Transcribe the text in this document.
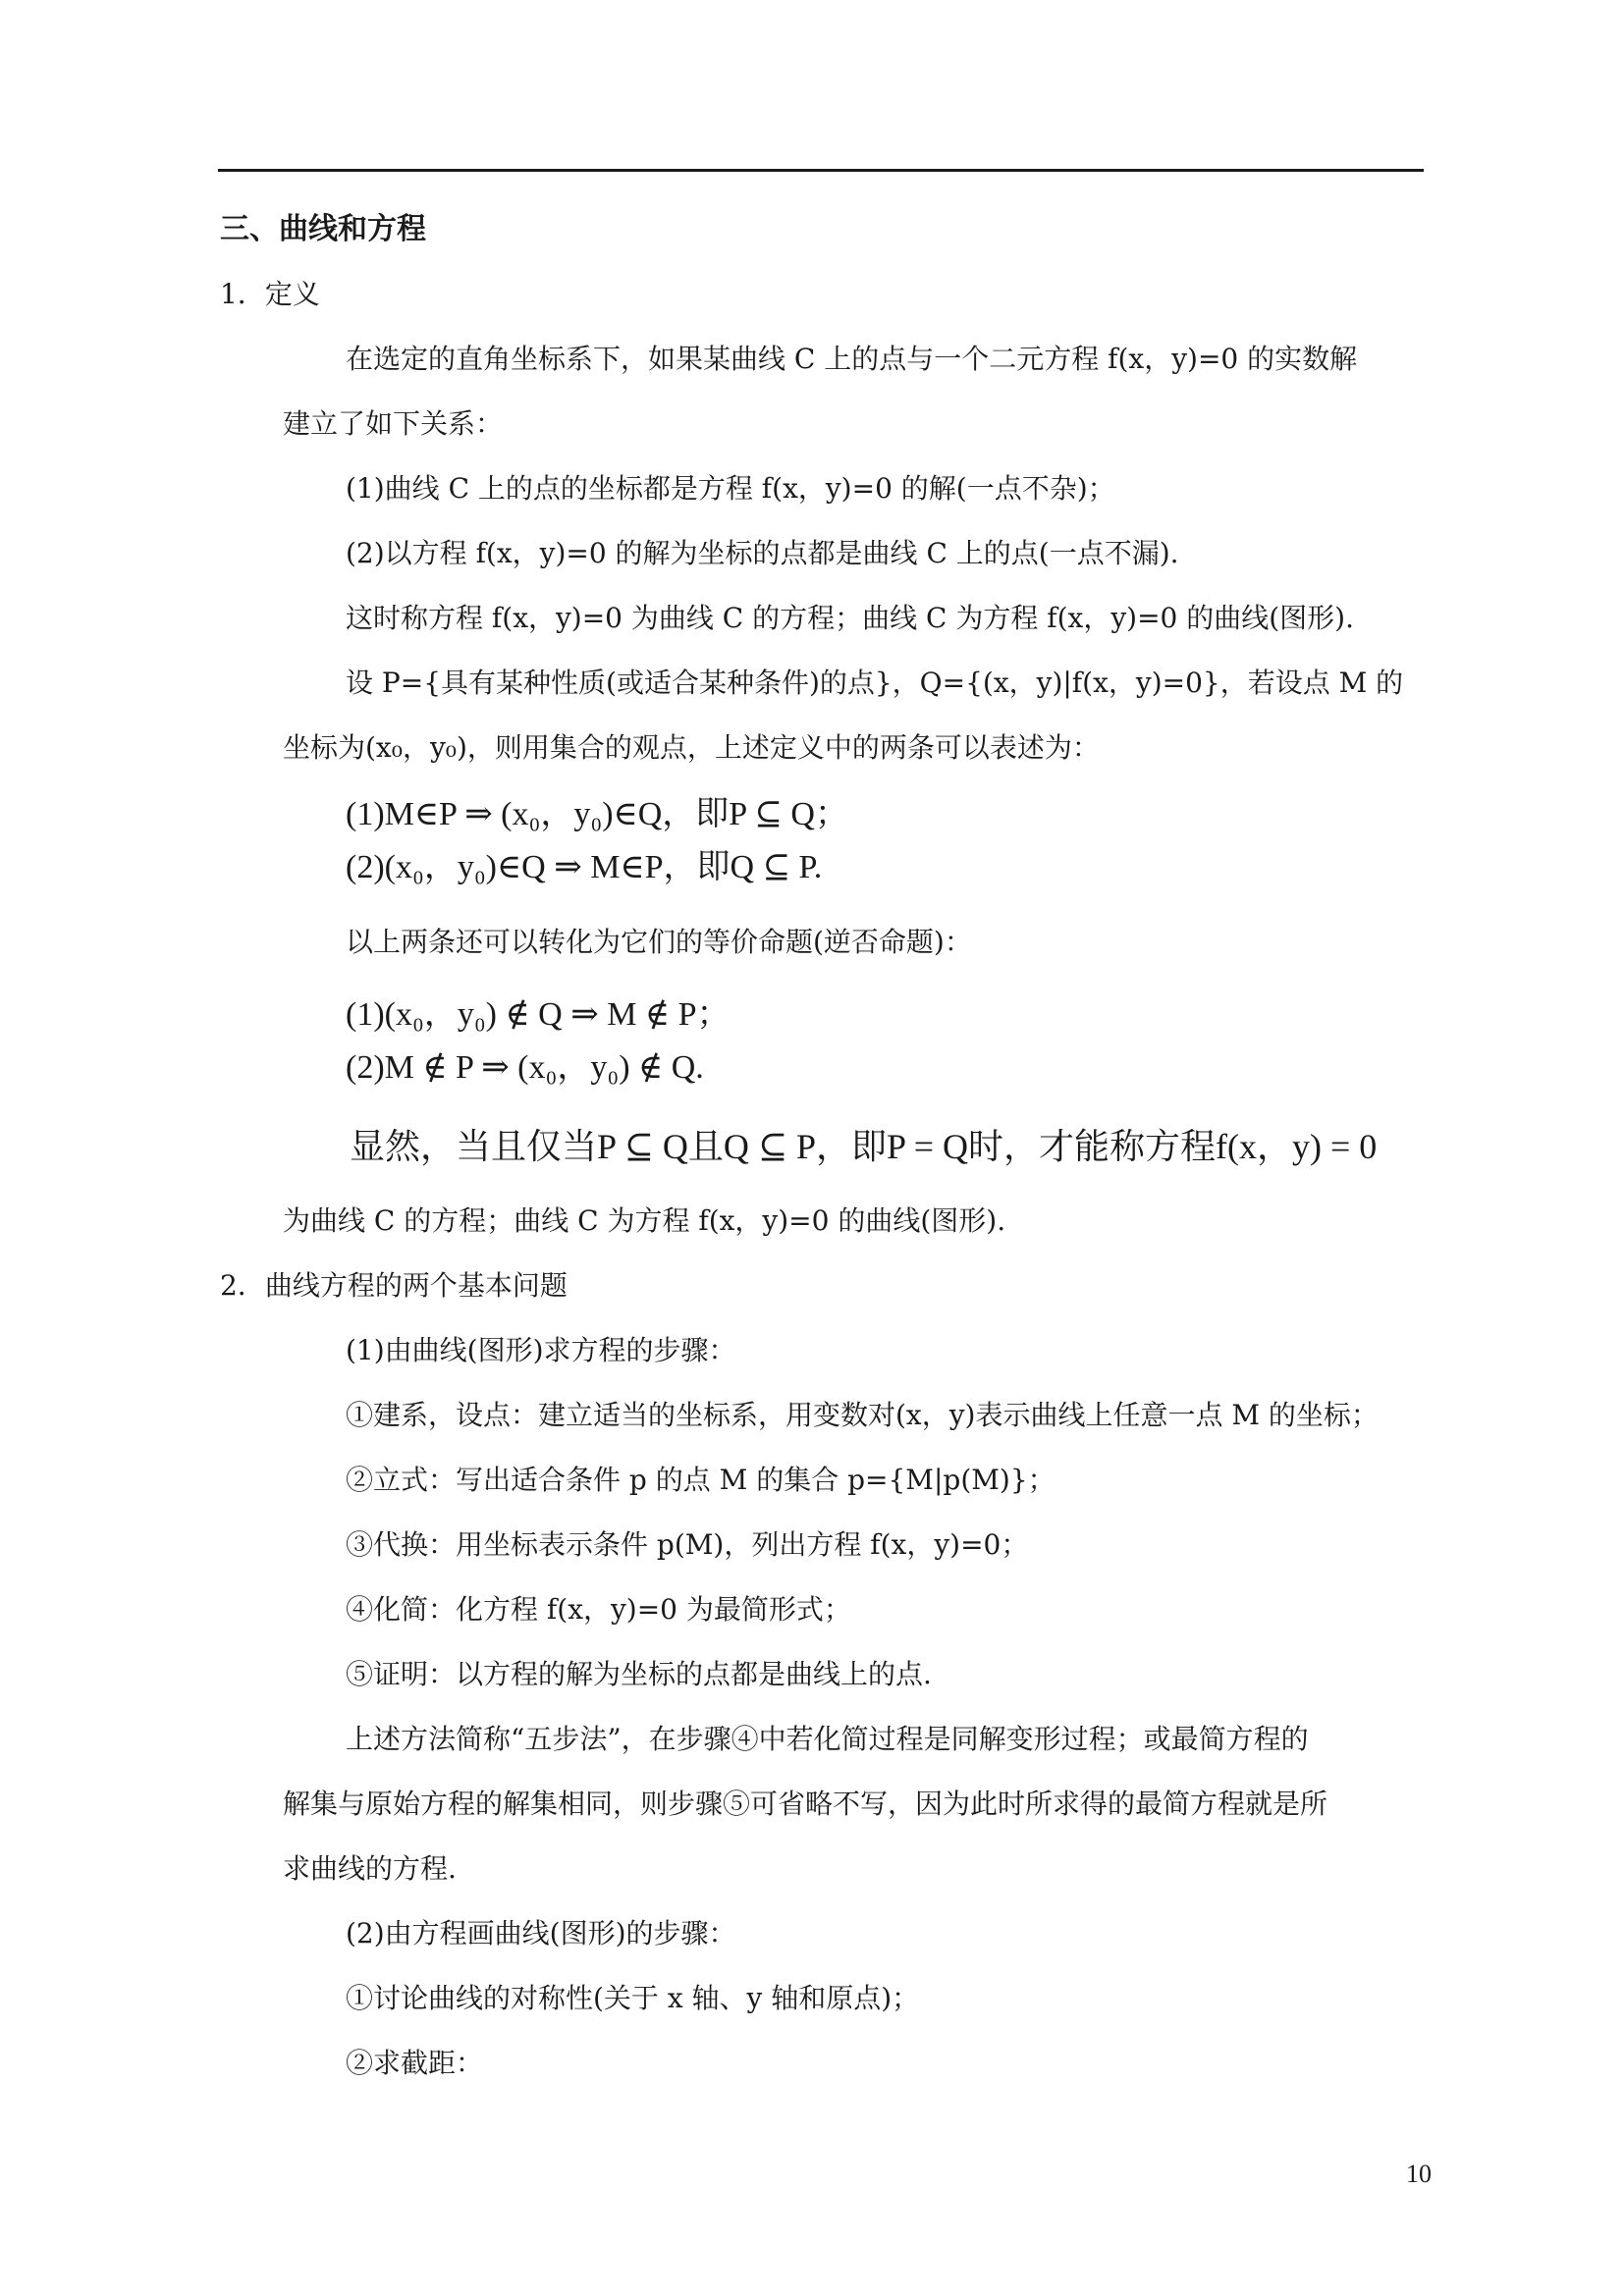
三、曲线和方程
1．定义
在选定的直角坐标系下，如果某曲线 C 上的点与一个二元方程 f(x，y)=0 的实数解
建立了如下关系：
(1)曲线 C 上的点的坐标都是方程 f(x，y)=0 的解(一点不杂)；
(2)以方程 f(x，y)=0 的解为坐标的点都是曲线 C 上的点(一点不漏).
这时称方程 f(x，y)=0 为曲线 C 的方程；曲线 C 为方程 f(x，y)=0 的曲线(图形).
设 P={具有某种性质(或适合某种条件)的点}，Q={(x，y)|f(x，y)=0}，若设点 M 的
坐标为(x₀，y₀)，则用集合的观点，上述定义中的两条可以表述为：
(1)M∈P ⇒ (x₀，y₀)∈Q，即P ⊆ Q；
(2)(x₀，y₀)∈Q ⇒ M∈P，即Q ⊆ P.
以上两条还可以转化为它们的等价命题(逆否命题)：
(1)(x₀，y₀) ∉ Q ⇒ M ∉ P；
(2)M ∉ P ⇒ (x₀，y₀) ∉ Q.
显然，当且仅当P ⊆ Q且Q ⊆ P，即P = Q时，才能称方程f(x，y) = 0
为曲线 C 的方程；曲线 C 为方程 f(x，y)=0 的曲线(图形).
2．曲线方程的两个基本问题
(1)由曲线(图形)求方程的步骤：
①建系，设点：建立适当的坐标系，用变数对(x，y)表示曲线上任意一点 M 的坐标；
②立式：写出适合条件 p 的点 M 的集合 p={M|p(M)}；
③代换：用坐标表示条件 p(M)，列出方程 f(x，y)=0；
④化简：化方程 f(x，y)=0 为最简形式；
⑤证明：以方程的解为坐标的点都是曲线上的点.
上述方法简称“五步法”，在步骤④中若化简过程是同解变形过程；或最简方程的
解集与原始方程的解集相同，则步骤⑤可省略不写，因为此时所求得的最简方程就是所
求曲线的方程.
(2)由方程画曲线(图形)的步骤：
①讨论曲线的对称性(关于 x 轴、y 轴和原点)；
②求截距：
10
